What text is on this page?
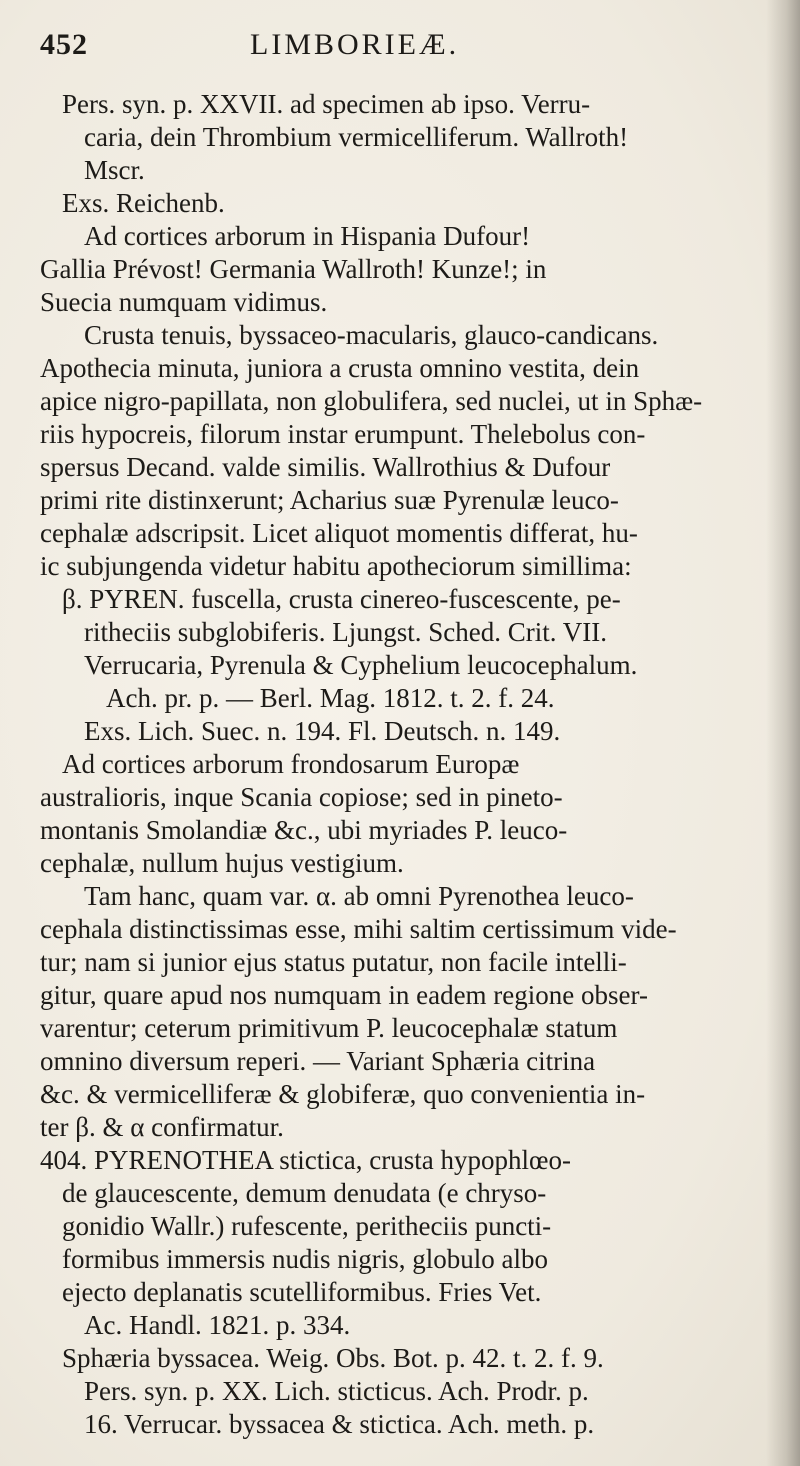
452	LIMBORIEÆ.
Pers. syn. p. XXVII. ad specimen ab ipso. Verru-
caria, dein Thrombium vermicelliferum. Wallroth!
Mscr.
Exs. Reichenb.
Ad cortices arborum in Hispania Dufour!
Gallia Prévost! Germania Wallroth! Kunze!; in
Suecia numquam vidimus.
Crusta tenuis, byssaceo-macularis, glauco-candicans.
Apothecia minuta, juniora a crusta omnino vestita, dein
apice nigro-papillata, non globulifera, sed nuclei, ut in Sphæ-
riis hypocreis, filorum instar erumpunt. Thelebolus con-
spersus Decand. valde similis. Wallrothius & Dufour
primi rite distinxerunt; Acharius suæ Pyrenulæ leuco-
cephalæ adscripsit. Licet aliquot momentis differat, hu-
ic subjungenda videtur habitu apotheciorum simillima:
β. PYREN. fuscella, crusta cinereo-fuscescente, pe-
ritheciis subglobiferis. Ljungst. Sched. Crit. VII.
Verrucaria, Pyrenula & Cyphelium leucocephalum.
Ach. pr. p. — Berl. Mag. 1812. t. 2. f. 24.
Exs. Lich. Suec. n. 194. Fl. Deutsch. n. 149.
Ad cortices arborum frondosarum Europæ
australioris, inque Scania copiose; sed in pineto-
montanis Smolandiæ &c., ubi myriades P. leuco-
cephalæ, nullum hujus vestigium.
Tam hanc, quam var. α. ab omni Pyrenothea leuco-
cephala distinctissimas esse, mihi saltim certissimum vide-
tur; nam si junior ejus status putatur, non facile intelli-
gitur, quare apud nos numquam in eadem regione obser-
varentur; ceterum primitivum P. leucocephalæ statum
omnino diversum reperi. — Variant Sphæria citrina
&c. & vermicelliferæ & globiferæ, quo convenientia in-
ter β. & α confirmatur.
404. PYRENOTHEA sticticа, crusta hypophlœo-
de glaucescente, demum denudata (e chryso-
gonidio Wallr.) rufescente, peritheciis puncti-
formibus immersis nudis nigris, globulo albo
ejecto deplanatis scutelliformibus. Fries Vet.
Ac. Handl. 1821. p. 334.
Sphæria byssacea. Weig. Obs. Bot. p. 42. t. 2. f. 9.
Pers. syn. p. XX. Lich. sticticus. Ach. Prodr. p.
16. Verrucar. byssacea & stictica. Ach. meth. p.
